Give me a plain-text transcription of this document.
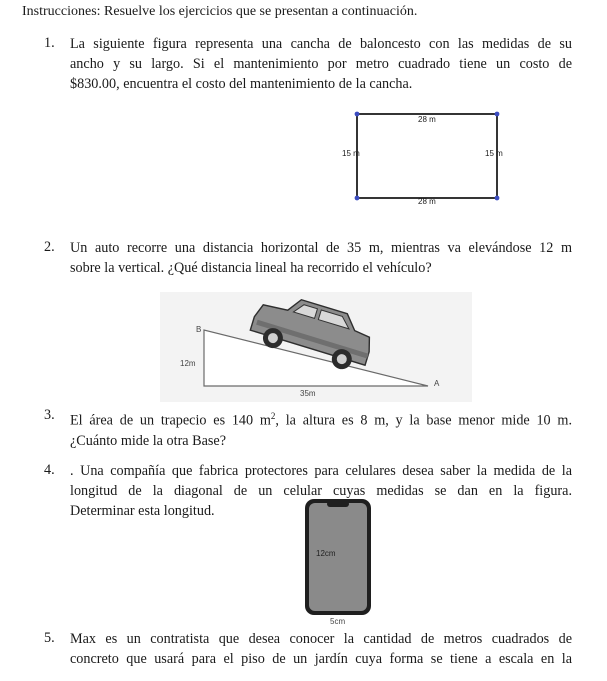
Instrucciones: Resuelve los ejercicios que se presentan a continuación.
1. La siguiente figura representa una cancha de baloncesto con las medidas de su
ancho y su largo. Si el mantenimiento por metro cuadrado tiene un costo de
$830.00, encuentra el costo del mantenimiento de la cancha.
28 m
28 m
15 m	15 m
2. Un auto recorre una distancia horizontal de 35 m, mientras va elevándose 12 m
sobre la vertical. ¿Qué distancia lineal ha recorrido el vehículo?
B
12m
35m
A
3. El área de un trapecio es 140 $m^2$, la altura es 8 m, y la base menor mide 10 m.
¿Cuánto mide la otra Base?
4. . Una compañía que fabrica protectores para celulares desea saber la medida de la
longitud de la diagonal de un celular cuyas medidas se dan en la figura.
Determinar esta longitud.
12cm
5cm
5. Max es un contratista que desea conocer la cantidad de metros cuadrados de
concreto que usará para el piso de un jardín cuya forma se tiene a escala en la
